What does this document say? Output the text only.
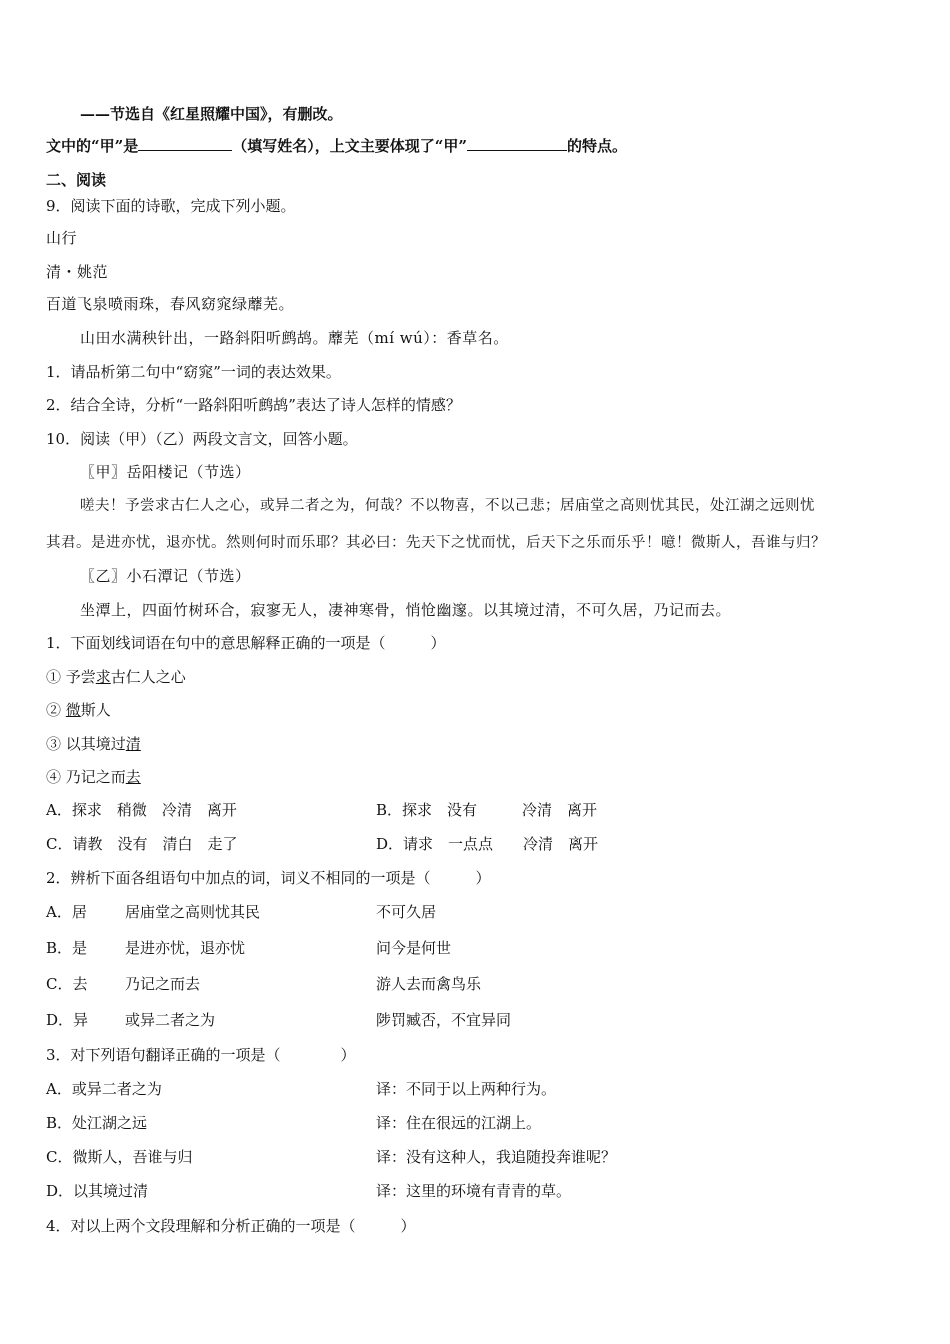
——节选自《红星照耀中国》，有删改。
文中的“甲”是	（填写姓名），上文主要体现了“甲”	的特点。
二、阅读
9．阅读下面的诗歌，完成下列小题。
山行
清・姚范
百道飞泉喷雨珠，春风窈窕绿蘼芜。
山田水满秧针出，一路斜阳听鹧鸪。蘼芜（mí wú）：香草名。
1．请品析第二句中“窈窕”一词的表达效果。
2．结合全诗，分析“一路斜阳听鹧鸪”表达了诗人怎样的情感？
10．阅读（甲）（乙）两段文言文，回答小题。
〖甲〗岳阳楼记（节选）
嗟夫！予尝求古仁人之心，或异二者之为，何哉？不以物喜，不以己悲；居庙堂之高则忧其民，处江湖之远则忧
其君。是进亦忧，退亦忧。然则何时而乐耶？其必曰：先天下之忧而忧，后天下之乐而乐乎！噫！微斯人，吾谁与归？
〖乙〗小石潭记（节选）
坐潭上，四面竹树环合，寂寥无人，凄神寒骨，悄怆幽邃。以其境过清，不可久居，乃记而去。
1．下面划线词语在句中的意思解释正确的一项是（　　　）
① 予尝求古仁人之心
② 微斯人
③ 以其境过清
④ 乃记之而去
A．探求　稍微　冷清　离开	B．探求　没有　　　冷清　离开
C．请教　没有　清白　走了	D．请求　一点点　　冷清　离开
2．辨析下面各组语句中加点的词，词义不相同的一项是（　　　）
A．居	居庙堂之高则忧其民	不可久居
B．是	是进亦忧，退亦忧	问今是何世
C．去	乃记之而去	游人去而禽鸟乐
D．异 或异二者之为	陟罚臧否，不宜异同
3．对下列语句翻译正确的一项是（　　　　）
A．或异二者之为	译：不同于以上两种行为。
B．处江湖之远	译：住在很远的江湖上。
C．微斯人，吾谁与归	译：没有这种人，我追随投奔谁呢？
D．以其境过清	译：这里的环境有青青的草。
4．对以上两个文段理解和分析正确的一项是（　　　）
